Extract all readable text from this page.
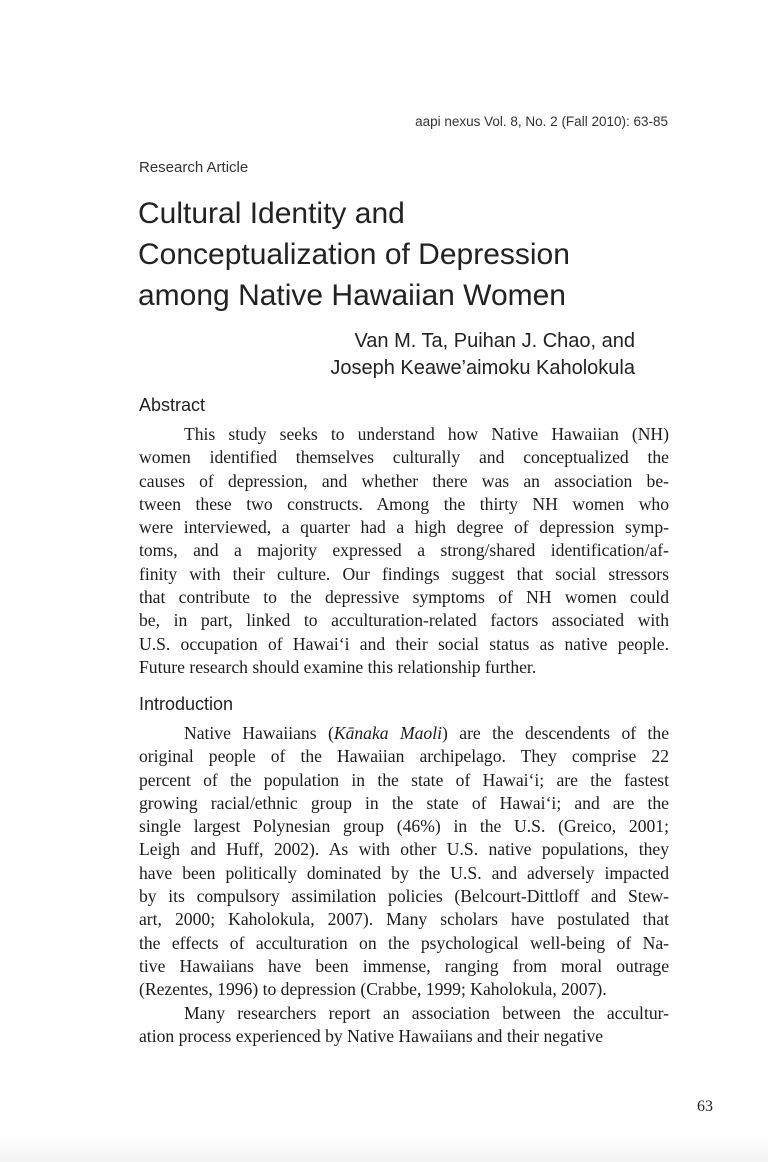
aapi nexus Vol. 8, No. 2 (Fall 2010): 63-85
Research Article
Cultural Identity and
Conceptualization of Depression
among Native Hawaiian Women
Van M. Ta, Puihan J. Chao, and
Joseph Keawe’aimoku Kaholokula
Abstract
This study seeks to understand how Native Hawaiian (NH)
women identified themselves culturally and conceptualized the
causes of depression, and whether there was an association be-
tween these two constructs. Among the thirty NH women who
were interviewed, a quarter had a high degree of depression symp-
toms, and a majority expressed a strong/shared identification/af-
finity with their culture. Our findings suggest that social stressors
that contribute to the depressive symptoms of NH women could
be, in part, linked to acculturation-related factors associated with
U.S. occupation of Hawai‘i and their social status as native people.
Future research should examine this relationship further.
Introduction
Native Hawaiians (Kānaka Maoli) are the descendents of the
original people of the Hawaiian archipelago. They comprise 22
percent of the population in the state of Hawai‘i; are the fastest
growing racial/ethnic group in the state of Hawai‘i; and are the
single largest Polynesian group (46%) in the U.S. (Greico, 2001;
Leigh and Huff, 2002). As with other U.S. native populations, they
have been politically dominated by the U.S. and adversely impacted
by its compulsory assimilation policies (Belcourt-Dittloff and Stew-
art, 2000; Kaholokula, 2007). Many scholars have postulated that
the effects of acculturation on the psychological well-being of Na-
tive Hawaiians have been immense, ranging from moral outrage
(Rezentes, 1996) to depression (Crabbe, 1999; Kaholokula, 2007).
Many researchers report an association between the accultur-
ation process experienced by Native Hawaiians and their negative
63
